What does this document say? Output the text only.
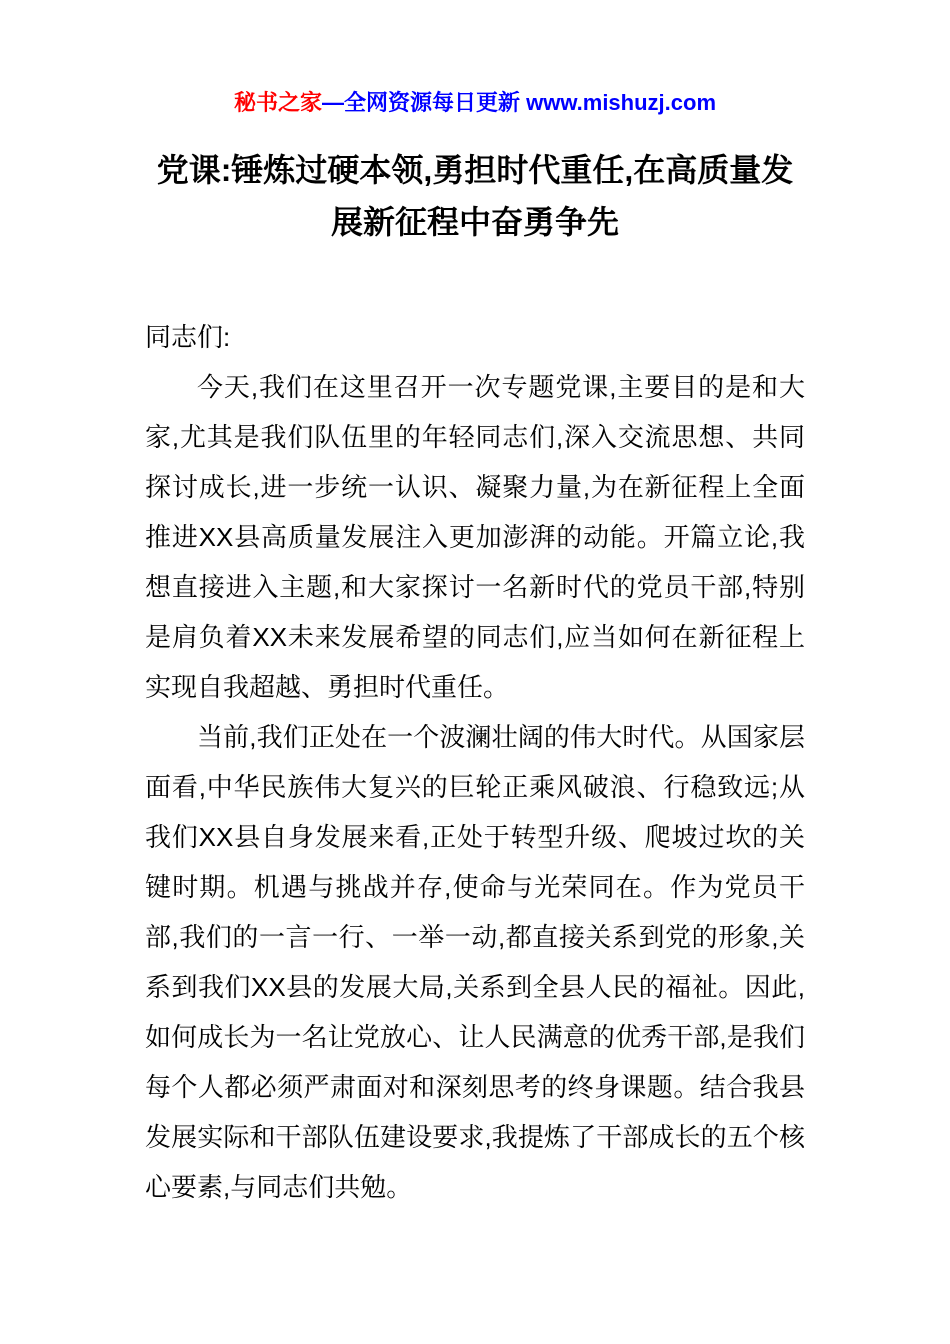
秘书之家—全网资源每日更新 www.mishuzj.com
党课:锤炼过硬本领,勇担时代重任,在高质量发展新征程中奋勇争先

同志们:

今天,我们在这里召开一次专题党课,主要目的是和大家,尤其是我们队伍里的年轻同志们,深入交流思想、共同探讨成长,进一步统一认识、凝聚力量,为在新征程上全面推进XX县高质量发展注入更加澎湃的动能。开篇立论,我想直接进入主题,和大家探讨一名新时代的党员干部,特别是肩负着XX未来发展希望的同志们,应当如何在新征程上实现自我超越、勇担时代重任。

当前,我们正处在一个波澜壮阔的伟大时代。从国家层面看,中华民族伟大复兴的巨轮正乘风破浪、行稳致远;从我们XX县自身发展来看,正处于转型升级、爬坡过坎的关键时期。机遇与挑战并存,使命与光荣同在。作为党员干部,我们的一言一行、一举一动,都直接关系到党的形象,关系到我们XX县的发展大局,关系到全县人民的福祉。因此,如何成长为一名让党放心、让人民满意的优秀干部,是我们每个人都必须严肃面对和深刻思考的终身课题。结合我县发展实际和干部队伍建设要求,我提炼了干部成长的五个核心要素,与同志们共勉。
